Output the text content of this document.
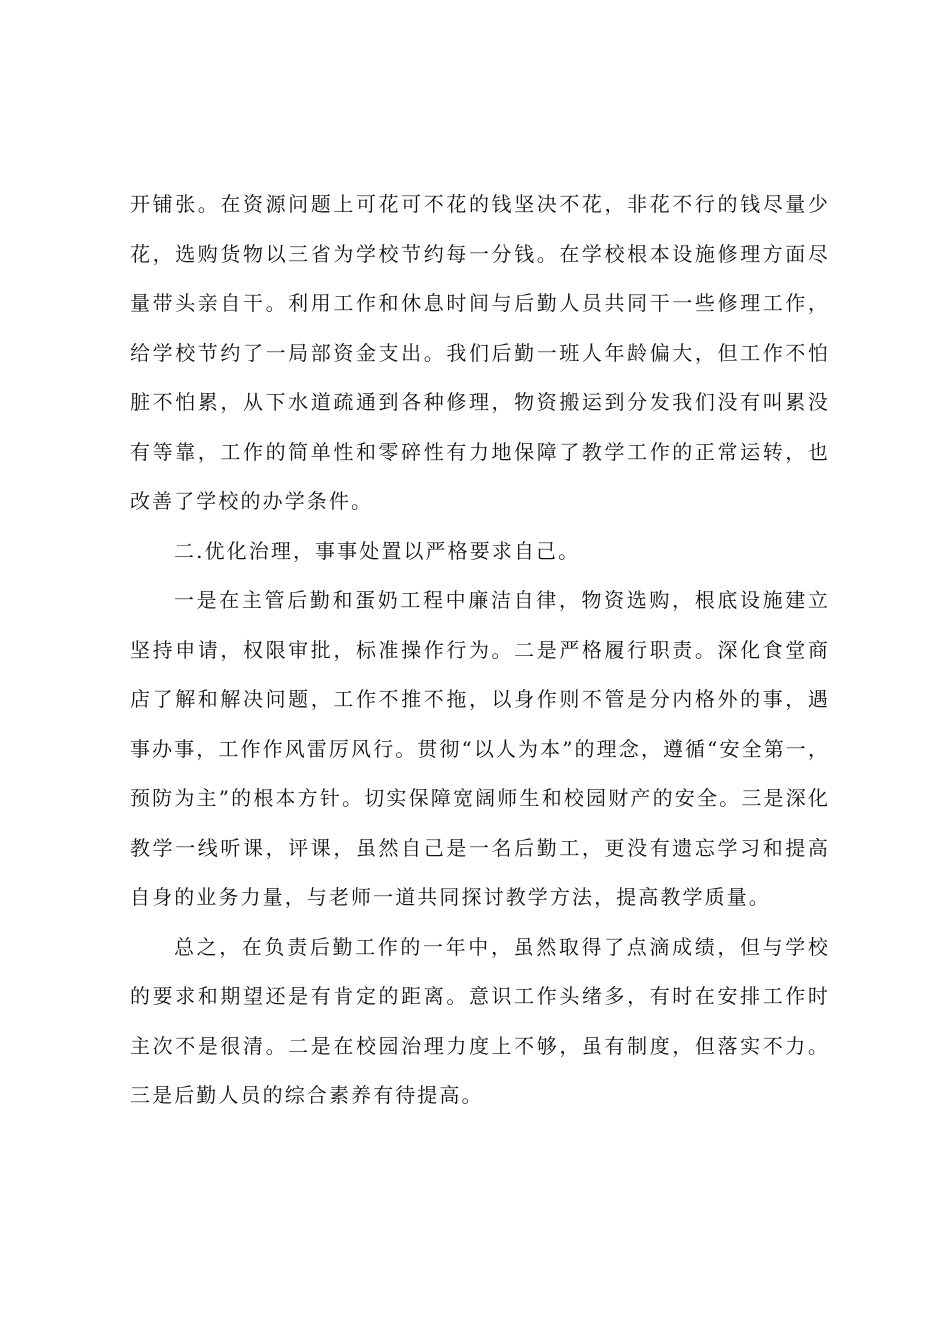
开铺张。在资源问题上可花可不花的钱坚决不花，非花不行的钱尽量少花，选购货物以三省为学校节约每一分钱。在学校根本设施修理方面尽量带头亲自干。利用工作和休息时间与后勤人员共同干一些修理工作，给学校节约了一局部资金支出。我们后勤一班人年龄偏大，但工作不怕脏不怕累，从下水道疏通到各种修理，物资搬运到分发我们没有叫累没有等靠，工作的简单性和零碎性有力地保障了教学工作的正常运转，也改善了学校的办学条件。

二.优化治理，事事处置以严格要求自己。

一是在主管后勤和蛋奶工程中廉洁自律，物资选购，根底设施建立坚持申请，权限审批，标准操作行为。二是严格履行职责。深化食堂商店了解和解决问题，工作不推不拖，以身作则不管是分内格外的事，遇事办事，工作作风雷厉风行。贯彻“以人为本”的理念，遵循“安全第一，预防为主”的根本方针。切实保障宽阔师生和校园财产的安全。三是深化教学一线听课，评课，虽然自己是一名后勤工，更没有遗忘学习和提高自身的业务力量，与老师一道共同探讨教学方法，提高教学质量。

总之，在负责后勤工作的一年中，虽然取得了点滴成绩，但与学校的要求和期望还是有肯定的距离。意识工作头绪多，有时在安排工作时主次不是很清。二是在校园治理力度上不够，虽有制度，但落实不力。三是后勤人员的综合素养有待提高。
